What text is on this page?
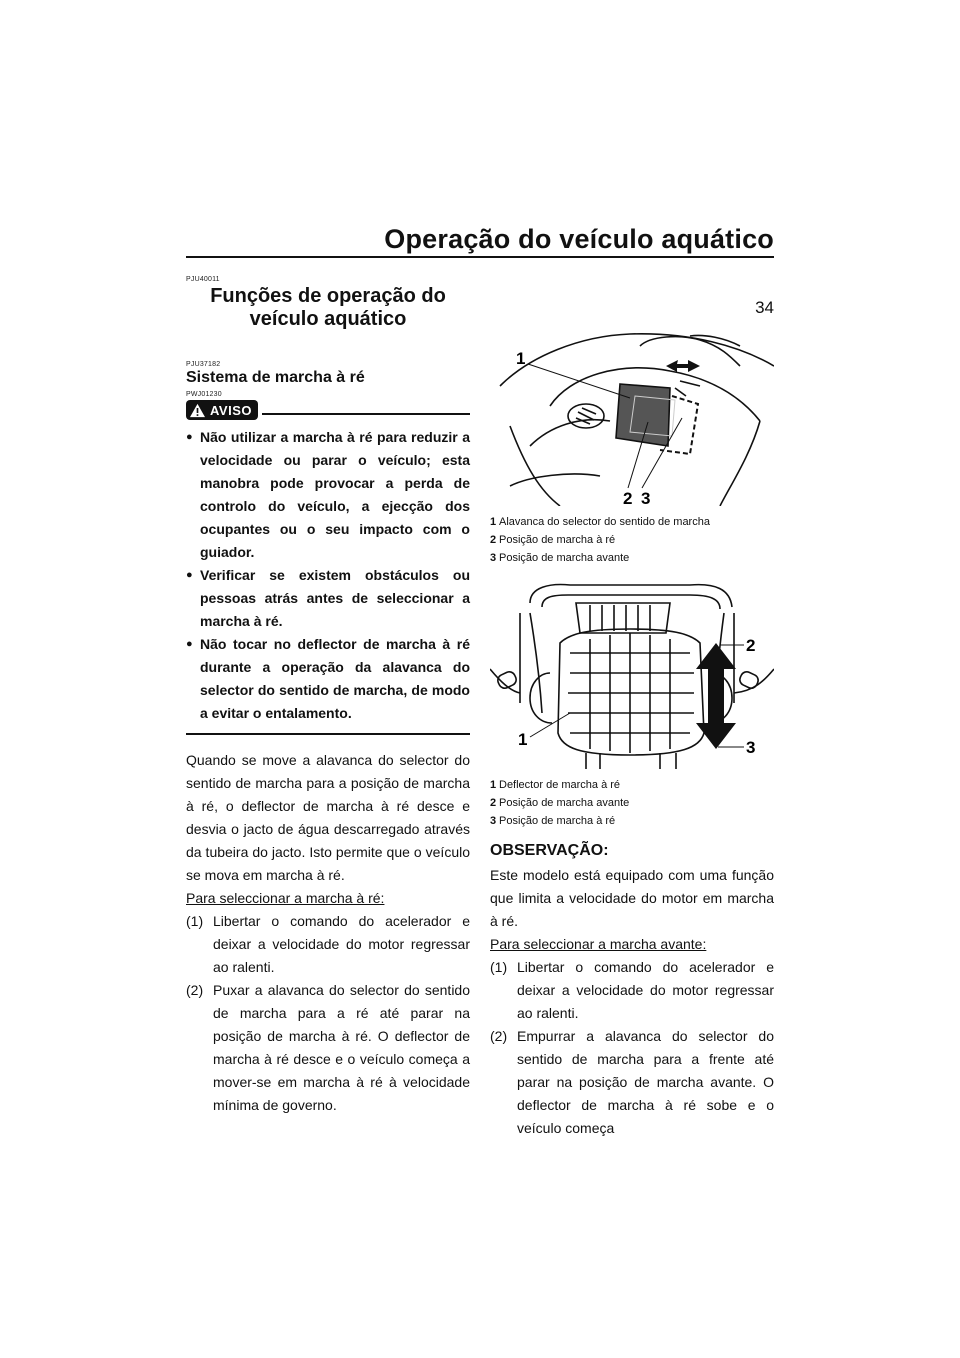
Operação do veículo aquático
34
PJU40011
Funções de operação do
veículo aquático
PJU37182
Sistema de marcha à ré
PWJ01230
AVISO
● Não utilizar a marcha à ré para reduzir a velocidade ou parar o veículo; esta manobra pode provocar a perda de controlo do veículo, a ejecção dos ocupantes ou o seu impacto com o guiador.
● Verificar se existem obstáculos ou pessoas atrás antes de seleccionar a marcha à ré.
● Não tocar no deflector de marcha à ré durante a operação da alavanca do selector do sentido de marcha, de modo a evitar o entalamento.

Quando se move a alavanca do selector do sentido de marcha para a posição de marcha à ré, o deflector de marcha à ré desce e desvia o jacto de água descarregado através da tubeira do jacto. Isto permite que o veículo se mova em marcha à ré.

Para seleccionar a marcha à ré:

(1) Libertar o comando do acelerador e deixar a velocidade do motor regressar ao ralenti.
(2) Puxar a alavanca do selector do sentido de marcha para a ré até parar na posição de marcha à ré. O deflector de marcha à ré desce e o veículo começa a mover-se em marcha à ré à velocidade mínima de governo.
1
2 3
1 Alavanca do selector do sentido de marcha
2 Posição de marcha à ré
3 Posição de marcha avante
2
3
1
1 Deflector de marcha à ré
2 Posição de marcha avante
3 Posição de marcha à ré
OBSERVAÇÃO:

Este modelo está equipado com uma função que limita a velocidade do motor em marcha à ré.

Para seleccionar a marcha avante:

(1) Libertar o comando do acelerador e deixar a velocidade do motor regressar ao ralenti.
(2) Empurrar a alavanca do selector do sentido de marcha para a frente até parar na posição de marcha avante. O deflector de marcha à ré sobe e o veículo começa
